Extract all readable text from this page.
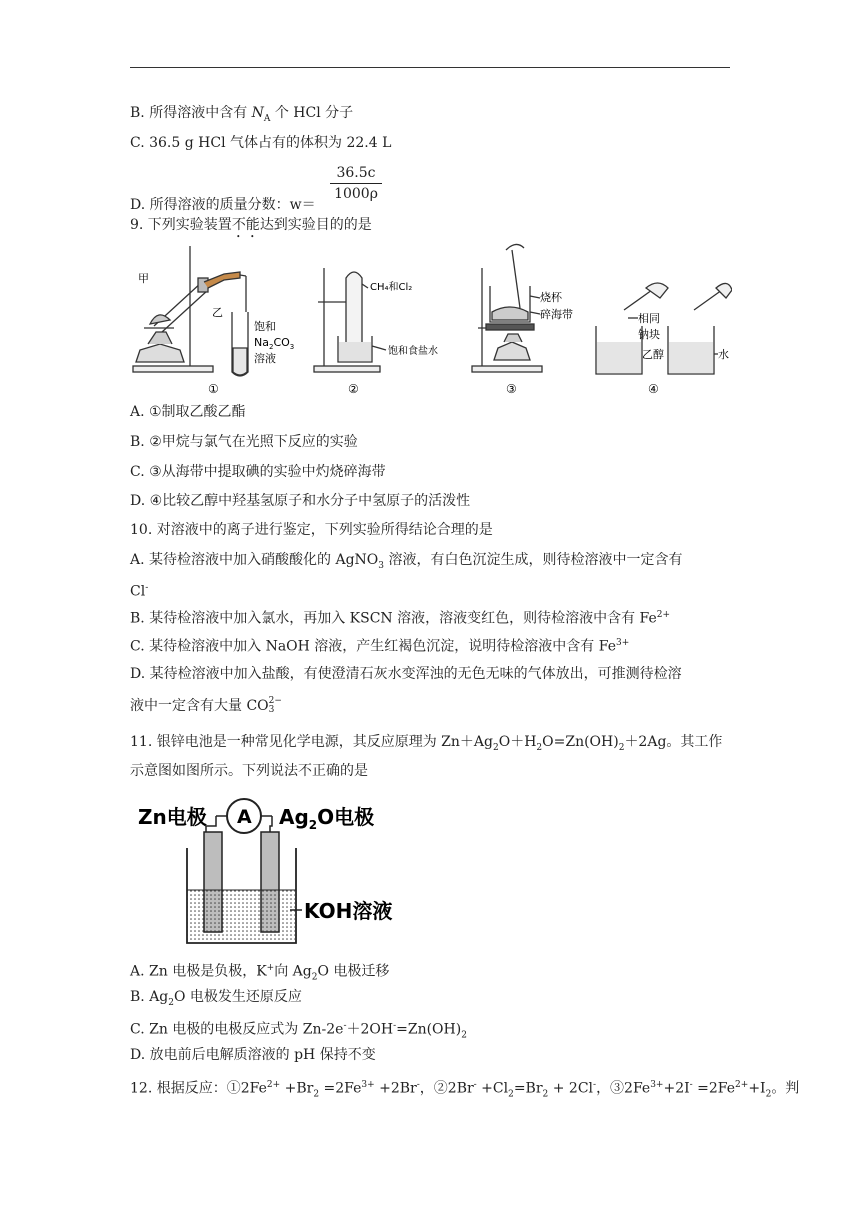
B. 所得溶液中含有 $N_A$ 个 HCl 分子
C. 36.5 g HCl 气体占有的体积为 22.4 L
$\frac{36.5c}{1000\rho}$
D. 所得溶液的质量分数：w＝
9. 下列实验装置不能达到实验目的的是
甲
乙
饱和
$Na_2CO_3$
溶液
①
CH₄和Cl₂
饱和食盐水
②
烧杯
碎海带
③
相同
钠块
乙醇	水
④
A. ①制取乙酸乙酯
B. ②甲烷与氯气在光照下反应的实验
C. ③从海带中提取碘的实验中灼烧碎海带
D. ④比较乙醇中羟基氢原子和水分子中氢原子的活泼性
10. 对溶液中的离子进行鉴定，下列实验所得结论合理的是
A. 某待检溶液中加入硝酸酸化的 AgNO$_3$ 溶液，有白色沉淀生成，则待检溶液中一定含有
Cl-
B. 某待检溶液中加入氯水，再加入 KSCN 溶液，溶液变红色，则待检溶液中含有 $Fe^{2+}$
C. 某待检溶液中加入 NaOH 溶液，产生红褐色沉淀，说明待检溶液中含有 $Fe^{3+}$
D. 某待检溶液中加入盐酸，有使澄清石灰水变浑浊的无色无味的气体放出，可推测待检溶
液中一定含有大量 CO 2−
3
11. 银锌电池是一种常见化学电源，其反应原理为 $Zn+Ag_2O+H_2O=Zn(OH)_2+2Ag$。其工作
示意图如图所示。下列说法不正确的是
Zn电极 A $Ag_2O$电极
KOH溶液
A. Zn 电极是负极，K+向 $Ag_2O$ 电极迁移
B. $Ag_2O$ 电极发生还原反应
C. Zn 电极的电极反应式为 $Zn-2e^-+2OH^-=Zn(OH)_2$
D. 放电前后电解质溶液的 pH 保持不变
12. 根据反应：$①2Fe^{2+} +Br_2 =2Fe^{3+} +2Br^-$，②2Br- $+Cl_2=Br_2 + 2Cl^-$，$③2Fe^{3+}+2I^- =2Fe^{2+}+I_2$。判
